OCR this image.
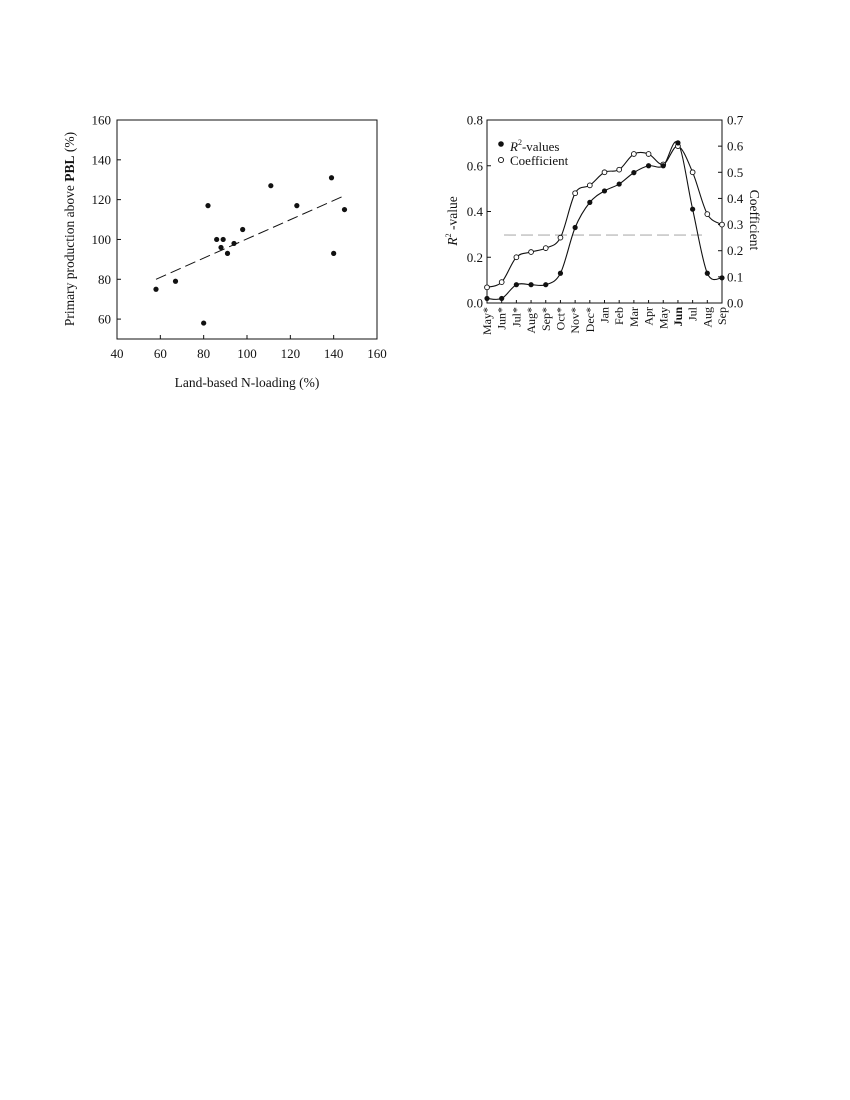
40 60 80 100 120 140 160
60
80
100
120
140
160
Land-based N-loading (%)
Primary production above PBL (%)
0.0
0.2
0.4
0.6
0.8
0.0
0.1
0.2
0.3
0.4
0.5
0.6
0.7
May* Jun* Jul* Aug* Sep* Oct* Nov* Dec* Jan Feb Mar Apr May Jun Jul Aug Sep
$R^2$-values
Coefficient
$R^2$ -value	Coefficient
